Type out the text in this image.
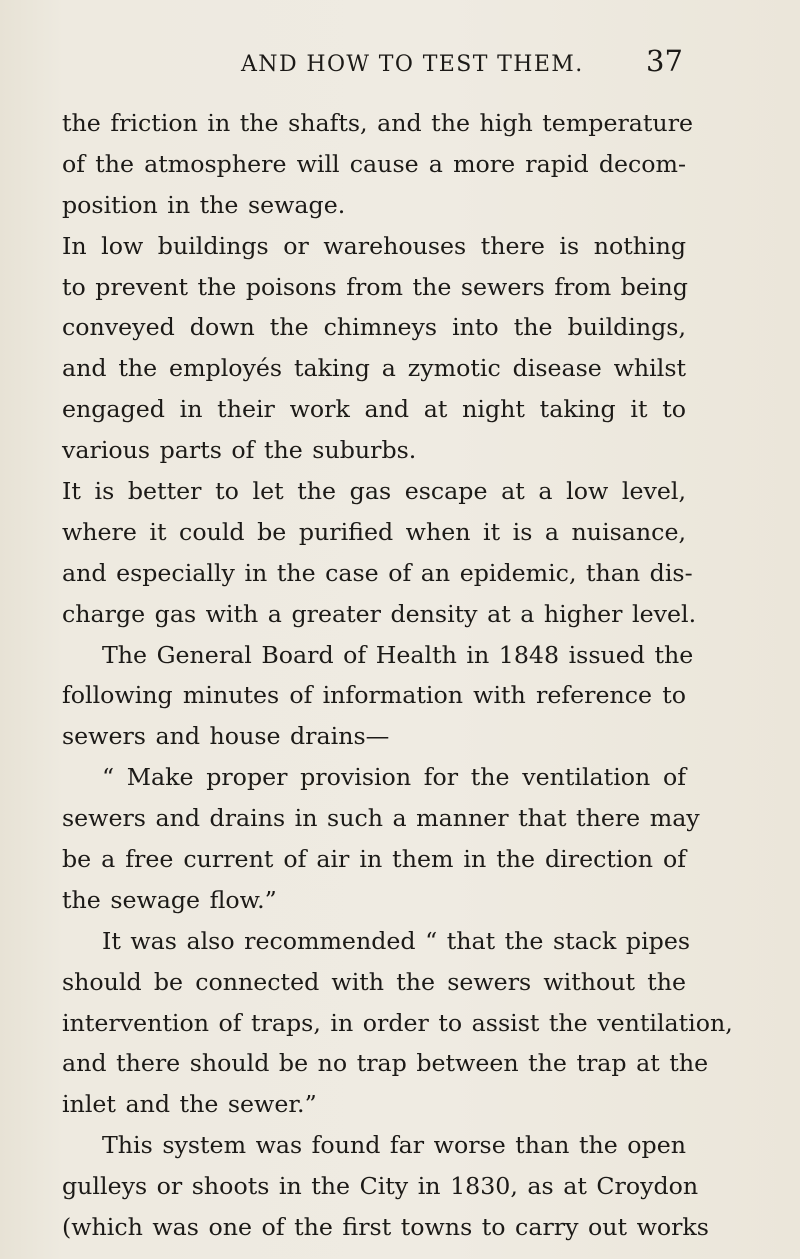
AND HOW TO TEST THEM. 37
the friction in the shafts, and the high temperature
of the atmosphere will cause a more rapid decom-
position in the sewage.
In low buildings or warehouses there is nothing
to prevent the poisons from the sewers from being
conveyed down the chimneys into the buildings,
and the employés taking a zymotic disease whilst
engaged in their work and at night taking it to
various parts of the suburbs.
It is better to let the gas escape at a low level,
where it could be purified when it is a nuisance,
and especially in the case of an epidemic, than dis-
charge gas with a greater density at a higher level.
The General Board of Health in 1848 issued the
following minutes of information with reference to
sewers and house drains—
“ Make proper provision for the ventilation of
sewers and drains in such a manner that there may
be a free current of air in them in the direction of
the sewage flow.”
It was also recommended “ that the stack pipes
should be connected with the sewers without the
intervention of traps, in order to assist the ventilation,
and there should be no trap between the trap at the
inlet and the sewer.”
This system was found far worse than the open
gulleys or shoots in the City in 1830, as at Croydon
(which was one of the first towns to carry out works
